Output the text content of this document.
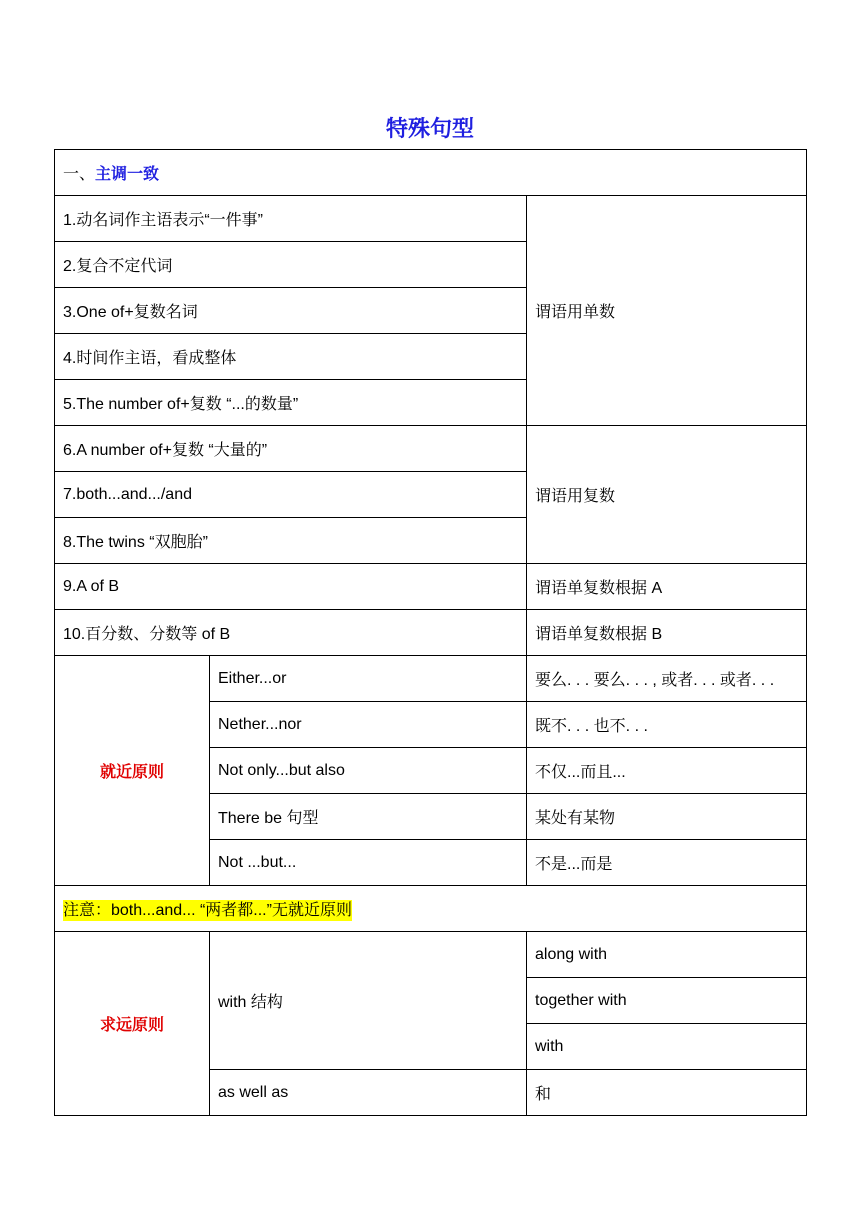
特殊句型
一、主调一致		
1.动名词作主语表示“一件事”		谓语用单数
2.复合不定代词		
3.One of+复数名词		
4.时间作主语，看成整体		
5.The number of+复数 “...的数量”		
6.A number of+复数 “大量的”		谓语用复数
7.both...and.../and		
8.The twins “双胞胎”		
9.A of B		谓语单复数根据 A
10.百分数、分数等 of B		谓语单复数根据 B
就近原则	Either...or	要么. . . 要么. . . , 或者. . . 或者. . .
	Nether...nor	既不. . . 也不. . .
	Not only...but also	不仅...而且...
	There be 句型	某处有某物
	Not ...but...	不是...而是
注意：both...and... “两者都...”无就近原则		
求远原则	with 结构	along with
		together with
		with
	as well as	和
